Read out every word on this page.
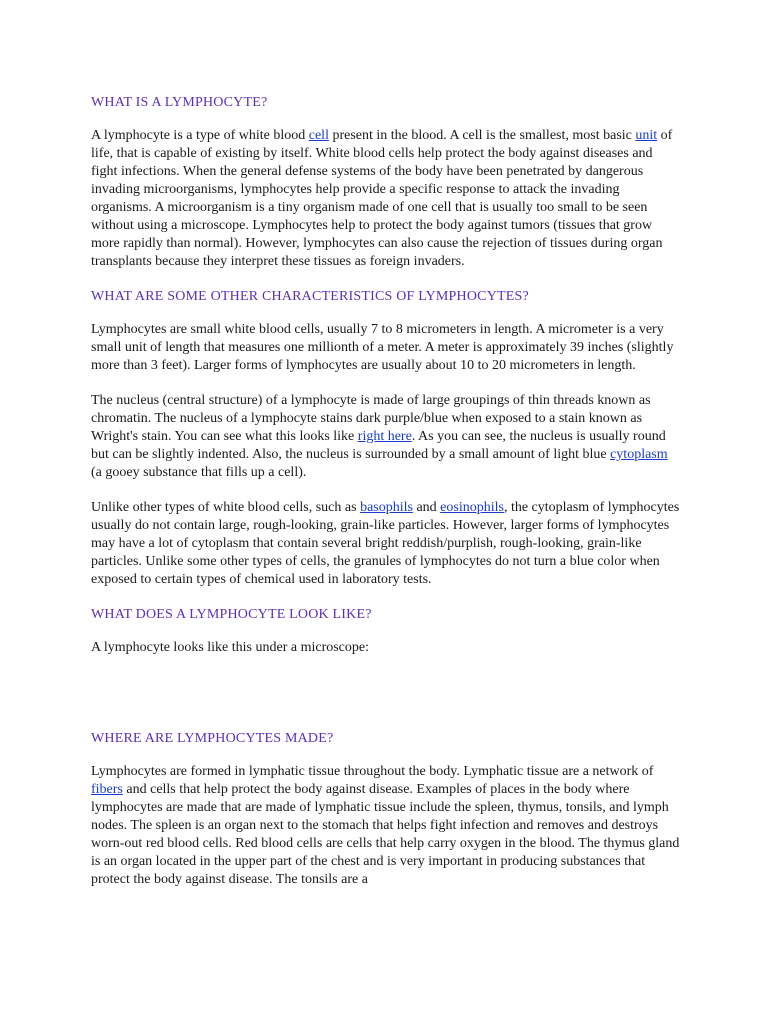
WHAT IS A LYMPHOCYTE?

A lymphocyte is a type of white blood cell present in the blood. A cell is the smallest, most basic unit of life, that is capable of existing by itself. White blood cells help protect the body against diseases and fight infections. When the general defense systems of the body have been penetrated by dangerous invading microorganisms, lymphocytes help provide a specific response to attack the invading organisms. A microorganism is a tiny organism made of one cell that is usually too small to be seen without using a microscope. Lymphocytes help to protect the body against tumors (tissues that grow more rapidly than normal). However, lymphocytes can also cause the rejection of tissues during organ transplants because they interpret these tissues as foreign invaders.

WHAT ARE SOME OTHER CHARACTERISTICS OF LYMPHOCYTES?

Lymphocytes are small white blood cells, usually 7 to 8 micrometers in length. A micrometer is a very small unit of length that measures one millionth of a meter. A meter is approximately 39 inches (slightly more than 3 feet). Larger forms of lymphocytes are usually about 10 to 20 micrometers in length.

The nucleus (central structure) of a lymphocyte is made of large groupings of thin threads known as chromatin. The nucleus of a lymphocyte stains dark purple/blue when exposed to a stain known as Wright's stain. You can see what this looks like right here. As you can see, the nucleus is usually round but can be slightly indented. Also, the nucleus is surrounded by a small amount of light blue cytoplasm (a gooey substance that fills up a cell).

Unlike other types of white blood cells, such as basophils and eosinophils, the cytoplasm of lymphocytes usually do not contain large, rough-looking, grain-like particles. However, larger forms of lymphocytes may have a lot of cytoplasm that contain several bright reddish/purplish, rough-looking, grain-like particles. Unlike some other types of cells, the granules of lymphocytes do not turn a blue color when exposed to certain types of chemical used in laboratory tests.

WHAT DOES A LYMPHOCYTE LOOK LIKE?

A lymphocyte looks like this under a microscope:

WHERE ARE LYMPHOCYTES MADE?

Lymphocytes are formed in lymphatic tissue throughout the body. Lymphatic tissue are a network of fibers and cells that help protect the body against disease. Examples of places in the body where lymphocytes are made that are made of lymphatic tissue include the spleen, thymus, tonsils, and lymph nodes. The spleen is an organ next to the stomach that helps fight infection and removes and destroys worn-out red blood cells. Red blood cells are cells that help carry oxygen in the blood. The thymus gland is an organ located in the upper part of the chest and is very important in producing substances that protect the body against disease. The tonsils are a
